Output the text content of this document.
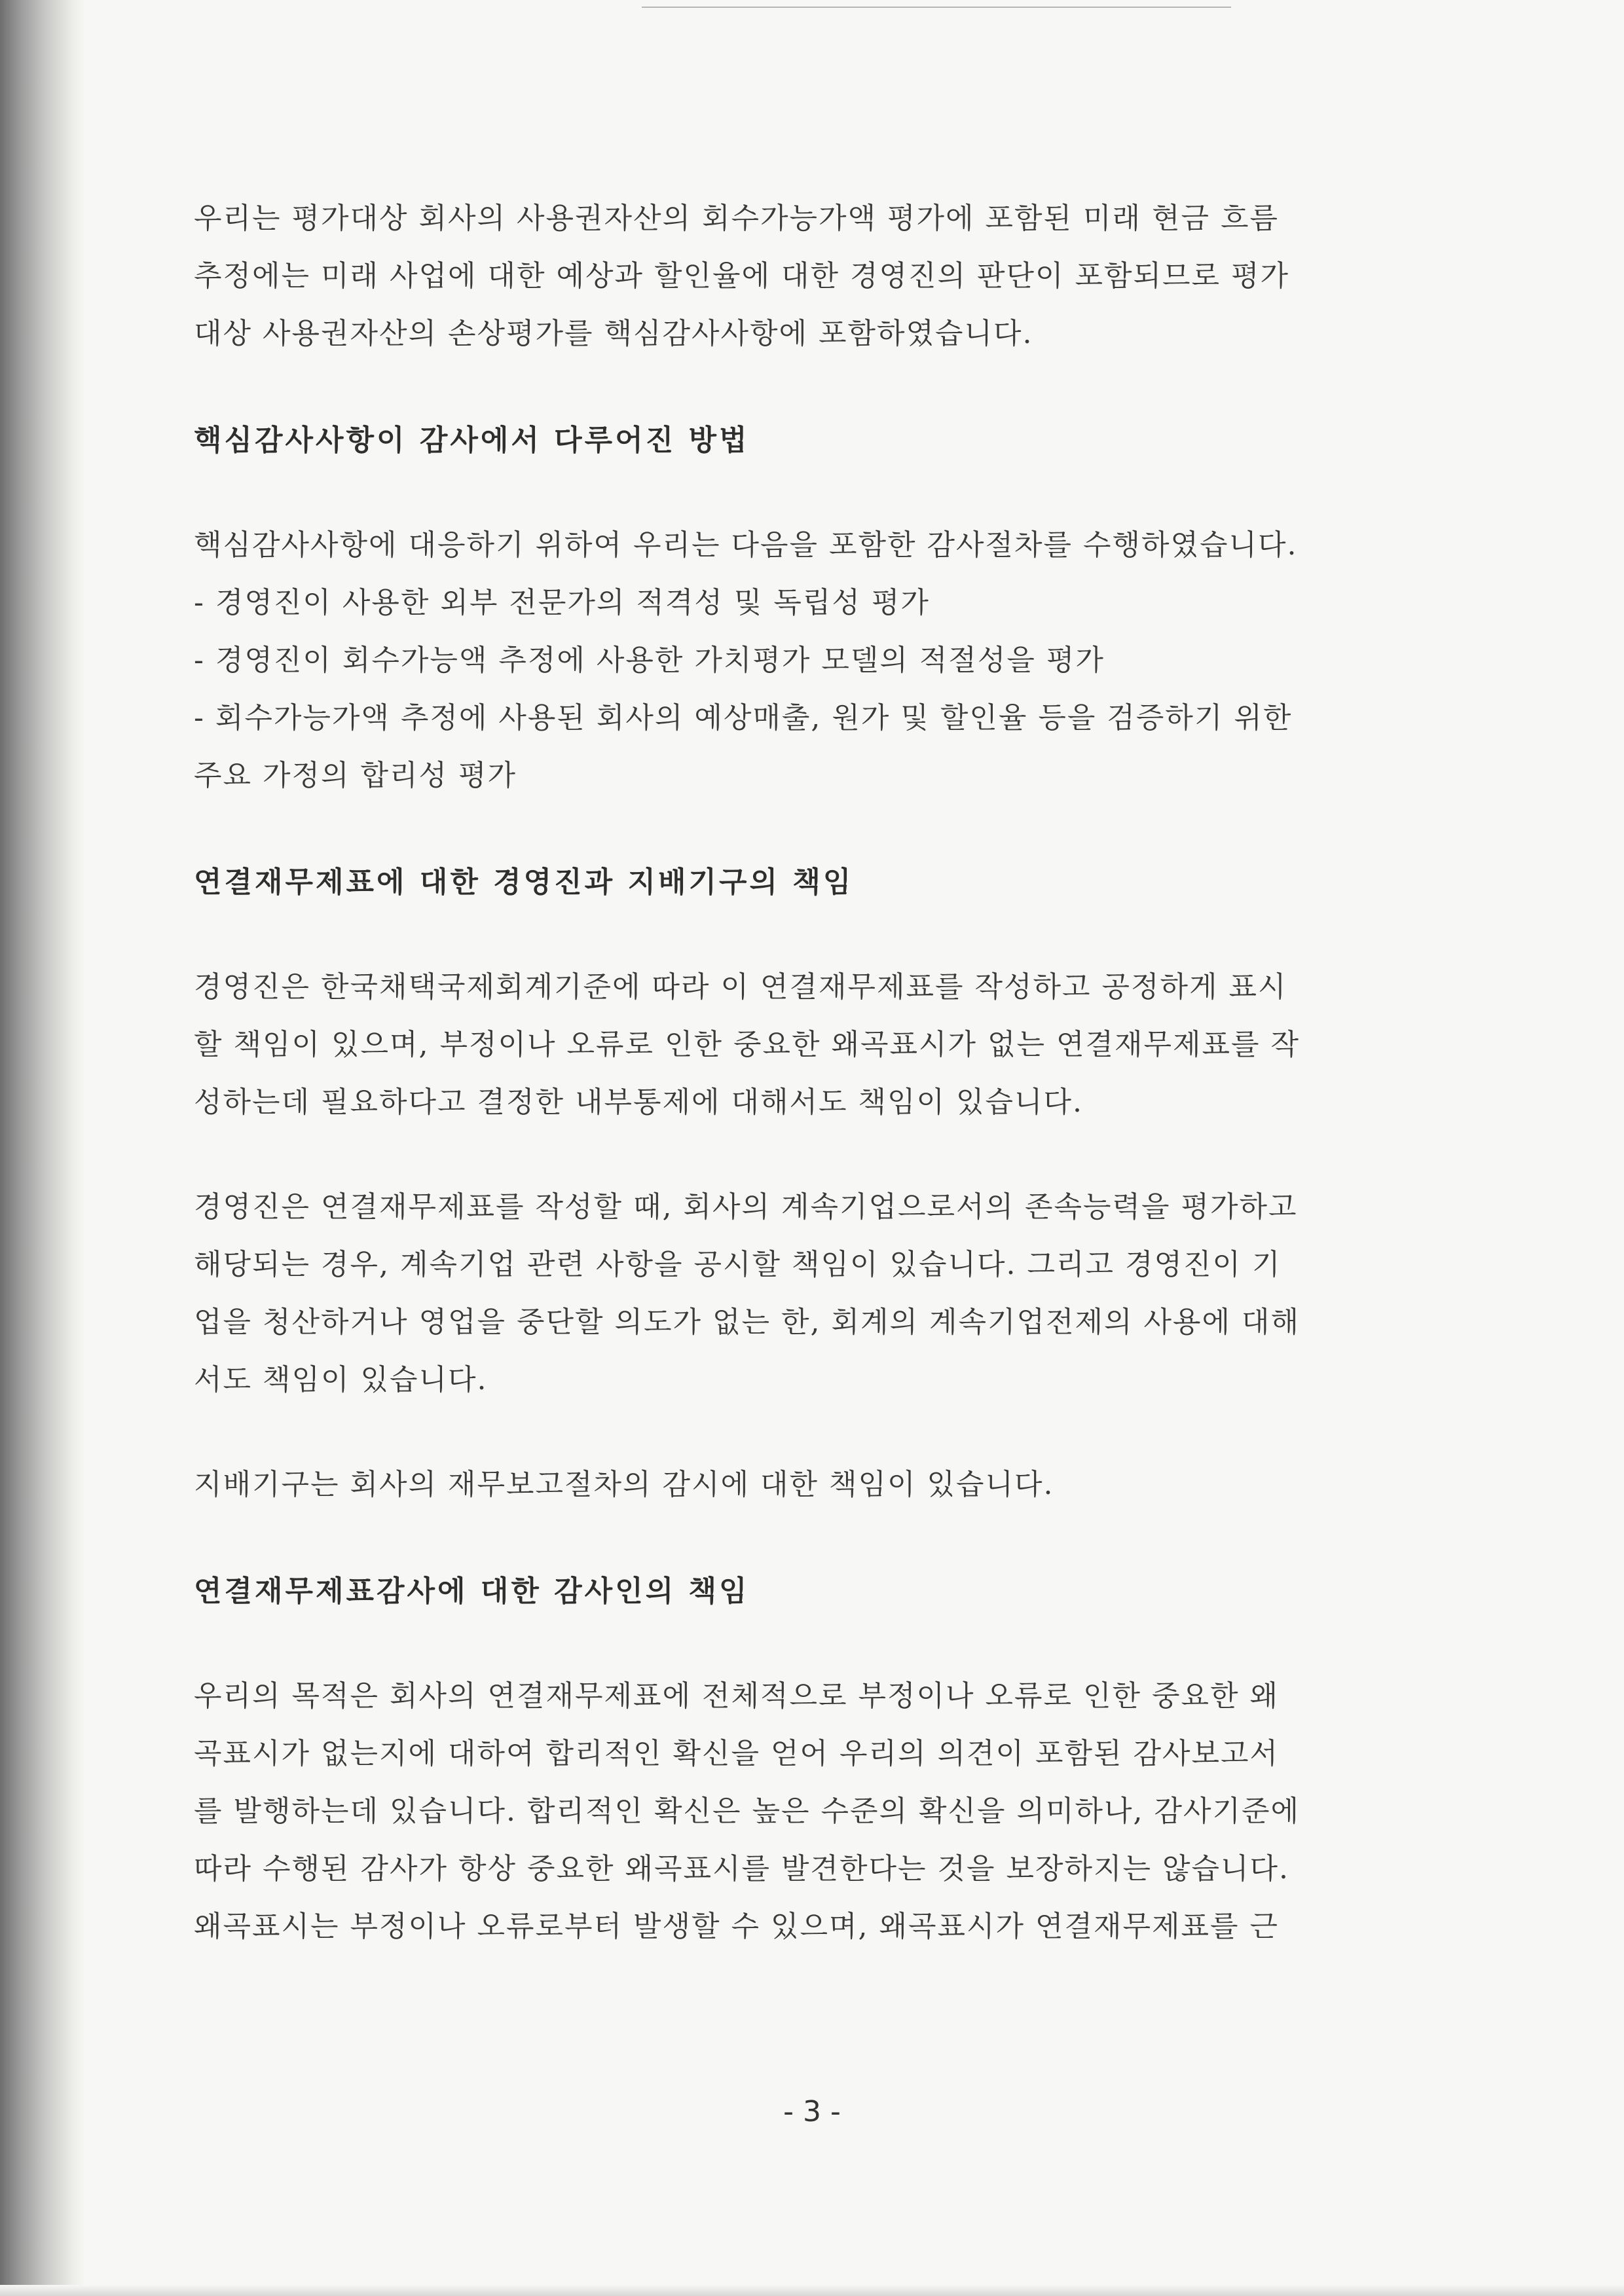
우리는 평가대상 회사의 사용권자산의 회수가능가액 평가에 포함된 미래 현금 흐름
추정에는 미래 사업에 대한 예상과 할인율에 대한 경영진의 판단이 포함되므로 평가
대상 사용권자산의 손상평가를 핵심감사사항에 포함하였습니다.

핵심감사사항이 감사에서 다루어진 방법

핵심감사사항에 대응하기 위하여 우리는 다음을 포함한 감사절차를 수행하였습니다.
- 경영진이 사용한 외부 전문가의 적격성 및 독립성 평가
- 경영진이 회수가능액 추정에 사용한 가치평가 모델의 적절성을 평가
- 회수가능가액 추정에 사용된 회사의 예상매출, 원가 및 할인율 등을 검증하기 위한
주요 가정의 합리성 평가

연결재무제표에 대한 경영진과 지배기구의 책임

경영진은 한국채택국제회계기준에 따라 이 연결재무제표를 작성하고 공정하게 표시
할 책임이 있으며, 부정이나 오류로 인한 중요한 왜곡표시가 없는 연결재무제표를 작
성하는데 필요하다고 결정한 내부통제에 대해서도 책임이 있습니다.

경영진은 연결재무제표를 작성할 때, 회사의 계속기업으로서의 존속능력을 평가하고
해당되는 경우, 계속기업 관련 사항을 공시할 책임이 있습니다. 그리고 경영진이 기
업을 청산하거나 영업을 중단할 의도가 없는 한, 회계의 계속기업전제의 사용에 대해
서도 책임이 있습니다.

지배기구는 회사의 재무보고절차의 감시에 대한 책임이 있습니다.

연결재무제표감사에 대한 감사인의 책임

우리의 목적은 회사의 연결재무제표에 전체적으로 부정이나 오류로 인한 중요한 왜
곡표시가 없는지에 대하여 합리적인 확신을 얻어 우리의 의견이 포함된 감사보고서
를 발행하는데 있습니다. 합리적인 확신은 높은 수준의 확신을 의미하나, 감사기준에
따라 수행된 감사가 항상 중요한 왜곡표시를 발견한다는 것을 보장하지는 않습니다.
왜곡표시는 부정이나 오류로부터 발생할 수 있으며, 왜곡표시가 연결재무제표를 근

- 3 -
